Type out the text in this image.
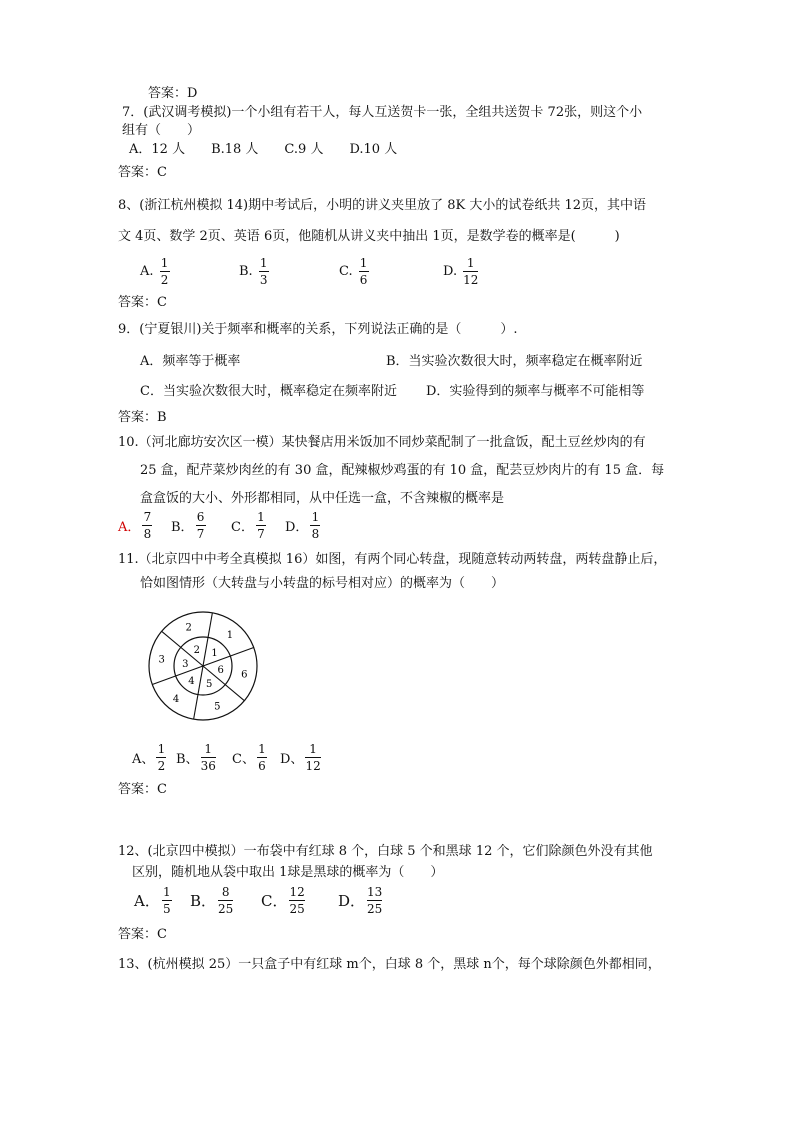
答案：D
7．(武汉调考模拟)一个小组有若干人，每人互送贺卡一张，全组共送贺卡 72张，则这个小
组有（　　）
A．12 人　　B.18 人　　C.9 人　　D.10 人
答案：C
8、(浙江杭州模拟 14)期中考试后，小明的讲义夹里放了 8K 大小的试卷纸共 12页，其中语
文 4页、数学 2页、英语 6页，他随机从讲义夹中抽出 1页，是数学卷的概率是(　　　)
A. $\frac{1}{2}$	B. $\frac{1}{3}$	C. $\frac{1}{6}$	D. $\frac{1}{12}$
答案：C
9．(宁夏银川)关于频率和概率的关系，下列说法正确的是（　　　）.
A．频率等于概率	B．当实验次数很大时，频率稳定在概率附近
C．当实验次数很大时，概率稳定在频率附近 D．实验得到的频率与概率不可能相等
答案：B
10.（河北廊坊安次区一模）某快餐店用米饭加不同炒菜配制了一批盒饭，配土豆丝炒肉的有
25 盒，配芹菜炒肉丝的有 30 盒，配辣椒炒鸡蛋的有 10 盒，配芸豆炒肉片的有 15 盒．每
盒盒饭的大小、外形都相同，从中任选一盒，不含辣椒的概率是
A． $\frac{7}{8}$ B． $\frac{6}{7}$ C． $\frac{1}{7}$ D． $\frac{1}{8}$
11.（北京四中中考全真模拟 16）如图，有两个同心转盘，现随意转动两转盘，两转盘静止后，
恰如图情形（大转盘与小转盘的标号相对应）的概率为（　　）
1
6
5
4
3
2
1
6
5
4
3
2
A、 $\frac{1}{2}$ B、 $\frac{1}{36}$ C、 $\frac{1}{6}$ D、 $\frac{1}{12}$
答案：C
12、(北京四中模拟）一布袋中有红球 8 个，白球 5 个和黑球 12 个，它们除颜色外没有其他
区别，随机地从袋中取出 1球是黑球的概率为（　　）
A． $\frac{1}{5}$ B． $\frac{8}{25}$ C． $\frac{12}{25}$ D． $\frac{13}{25}$
答案：C
13、(杭州模拟 25）一只盒子中有红球 m个，白球 8 个，黑球 n个，每个球除颜色外都相同，
